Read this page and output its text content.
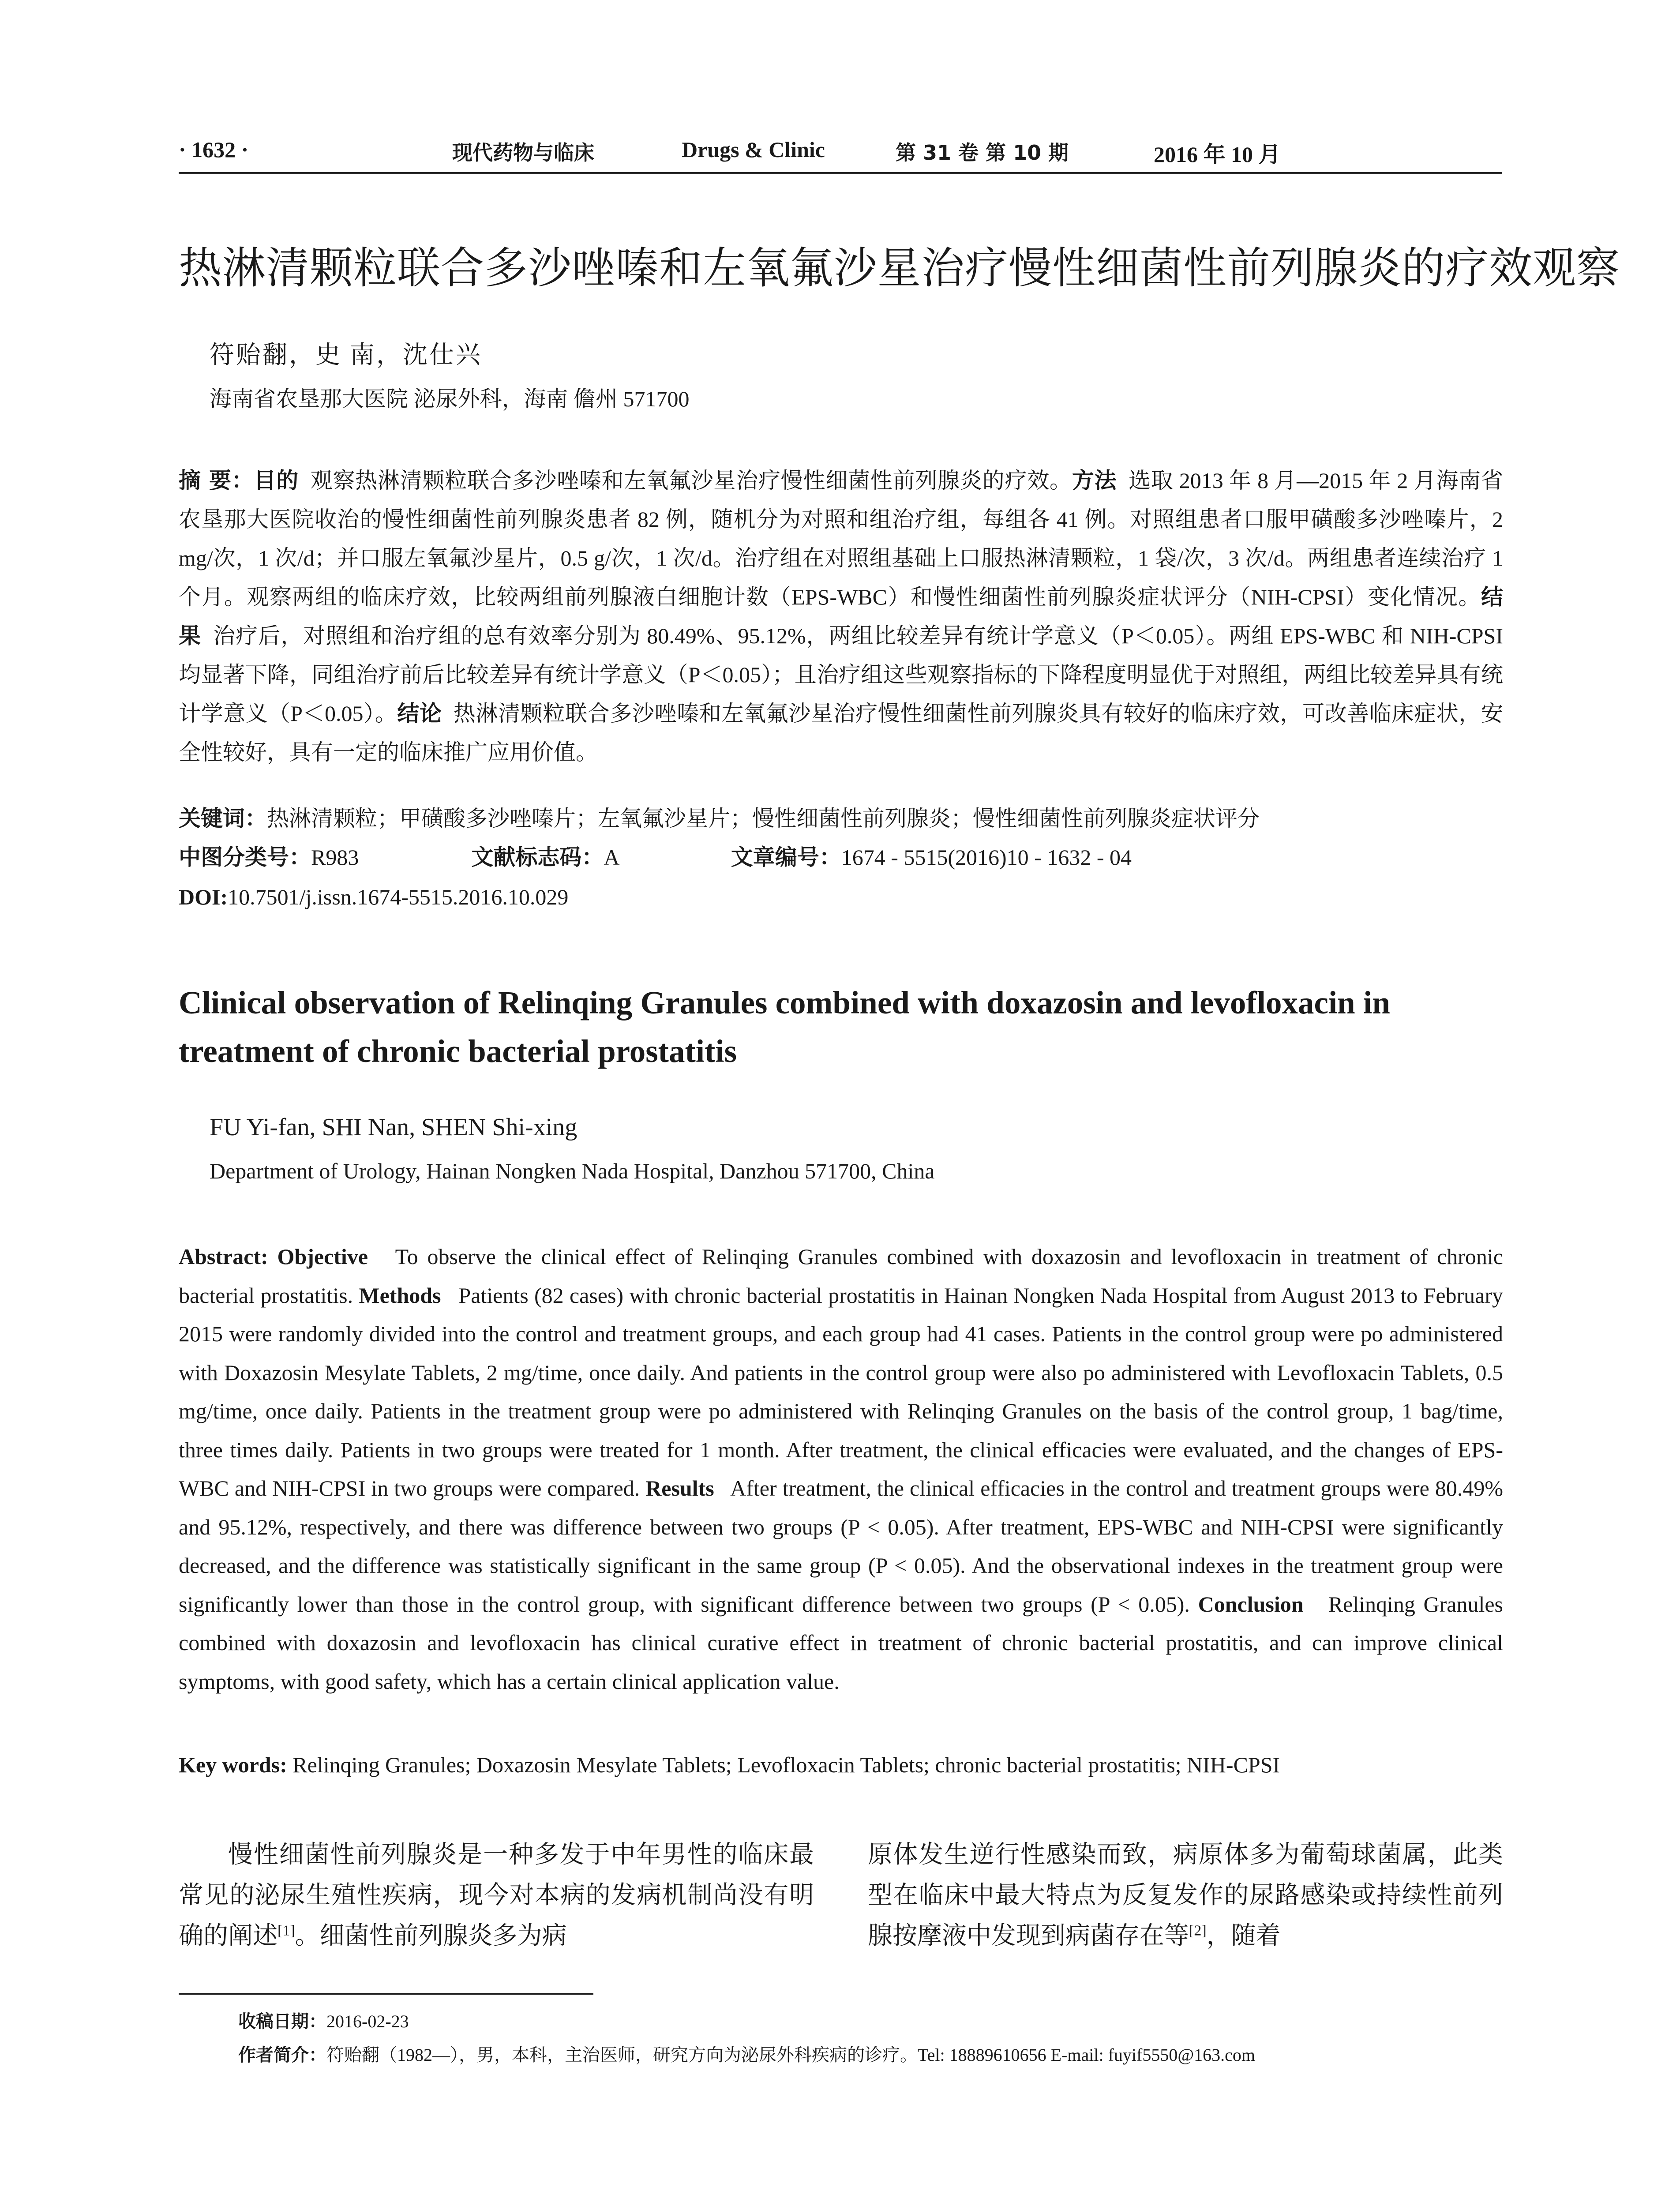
· 1632 ·	现代药物与临床	Drugs & Clinic	第 31 卷 第 10 期	2016 年 10 月
热淋清颗粒联合多沙唑嗪和左氧氟沙星治疗慢性细菌性前列腺炎的疗效观察
符贻翻，史 南，沈仕兴
海南省农垦那大医院 泌尿外科，海南 儋州 571700
摘 要：目的 观察热淋清颗粒联合多沙唑嗪和左氧氟沙星治疗慢性细菌性前列腺炎的疗效。方法 选取 2013 年 8 月—2015 年 2 月海南省农垦那大医院收治的慢性细菌性前列腺炎患者 82 例，随机分为对照和组治疗组，每组各 41 例。对照组患者口服甲磺酸多沙唑嗪片，2 mg/次，1 次/d；并口服左氧氟沙星片，0.5 g/次，1 次/d。治疗组在对照组基础上口服热淋清颗粒，1 袋/次，3 次/d。两组患者连续治疗 1 个月。观察两组的临床疗效，比较两组前列腺液白细胞计数（EPS-WBC）和慢性细菌性前列腺炎症状评分（NIH-CPSI）变化情况。结果 治疗后，对照组和治疗组的总有效率分别为 80.49%、95.12%，两组比较差异有统计学意义（P＜0.05）。两组 EPS-WBC 和 NIH-CPSI 均显著下降，同组治疗前后比较差异有统计学意义（P＜0.05）；且治疗组这些观察指标的下降程度明显优于对照组，两组比较差异具有统计学意义（P＜0.05）。结论 热淋清颗粒联合多沙唑嗪和左氧氟沙星治疗慢性细菌性前列腺炎具有较好的临床疗效，可改善临床症状，安全性较好，具有一定的临床推广应用价值。
关键词：热淋清颗粒；甲磺酸多沙唑嗪片；左氧氟沙星片；慢性细菌性前列腺炎；慢性细菌性前列腺炎症状评分
中图分类号：R983	文献标志码：A	文章编号：1674 - 5515(2016)10 - 1632 - 04
DOI:10.7501/j.issn.1674-5515.2016.10.029
Clinical observation of Relinqing Granules combined with doxazosin and levofloxacin in treatment of chronic bacterial prostatitis
FU Yi-fan, SHI Nan, SHEN Shi-xing
Department of Urology, Hainan Nongken Nada Hospital, Danzhou 571700, China
Abstract: Objective To observe the clinical effect of Relinqing Granules combined with doxazosin and levofloxacin in treatment of chronic bacterial prostatitis. Methods Patients (82 cases) with chronic bacterial prostatitis in Hainan Nongken Nada Hospital from August 2013 to February 2015 were randomly divided into the control and treatment groups, and each group had 41 cases. Patients in the control group were po administered with Doxazosin Mesylate Tablets, 2 mg/time, once daily. And patients in the control group were also po administered with Levofloxacin Tablets, 0.5 mg/time, once daily. Patients in the treatment group were po administered with Relinqing Granules on the basis of the control group, 1 bag/time, three times daily. Patients in two groups were treated for 1 month. After treatment, the clinical efficacies were evaluated, and the changes of EPS-WBC and NIH-CPSI in two groups were compared. Results After treatment, the clinical efficacies in the control and treatment groups were 80.49% and 95.12%, respectively, and there was difference between two groups (P < 0.05). After treatment, EPS-WBC and NIH-CPSI were significantly decreased, and the difference was statistically significant in the same group (P < 0.05). And the observational indexes in the treatment group were significantly lower than those in the control group, with significant difference between two groups (P < 0.05). Conclusion Relinqing Granules combined with doxazosin and levofloxacin has clinical curative effect in treatment of chronic bacterial prostatitis, and can improve clinical symptoms, with good safety, which has a certain clinical application value.
Key words: Relinqing Granules; Doxazosin Mesylate Tablets; Levofloxacin Tablets; chronic bacterial prostatitis; NIH-CPSI

慢性细菌性前列腺炎是一种多发于中年男性的临床最常见的泌尿生殖性疾病，现今对本病的发病机制尚没有明确的阐述[1]。细菌性前列腺炎多为病

原体发生逆行性感染而致，病原体多为葡萄球菌属，此类型在临床中最大特点为反复发作的尿路感染或持续性前列腺按摩液中发现到病菌存在等[2]，随着

收稿日期：2016-02-23
作者简介：符贻翻（1982—），男，本科，主治医师，研究方向为泌尿外科疾病的诊疗。Tel: 18889610656 E-mail: fuyif5550@163.com
